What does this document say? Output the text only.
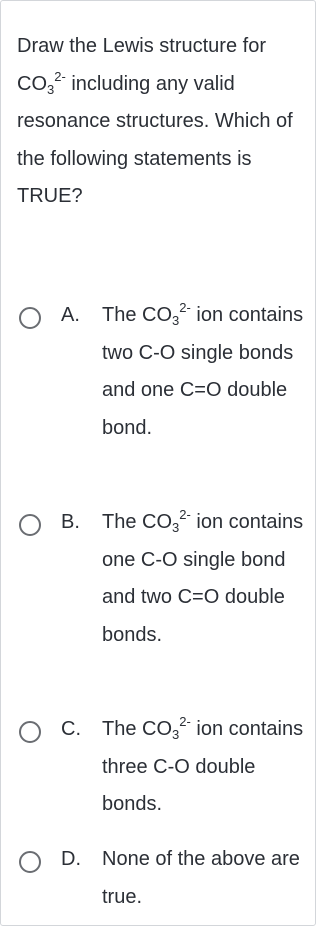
Draw the Lewis structure for $CO_3^{2-}$ including any valid resonance structures. Which of the following statements is TRUE?

A. The $CO_3^{2-}$ ion contains two C-O single bonds and one C=O double bond.
B. The $CO_3^{2-}$ ion contains one C-O single bond and two C=O double bonds.
C. The $CO_3^{2-}$ ion contains three C-O double bonds.
D. None of the above are true.
